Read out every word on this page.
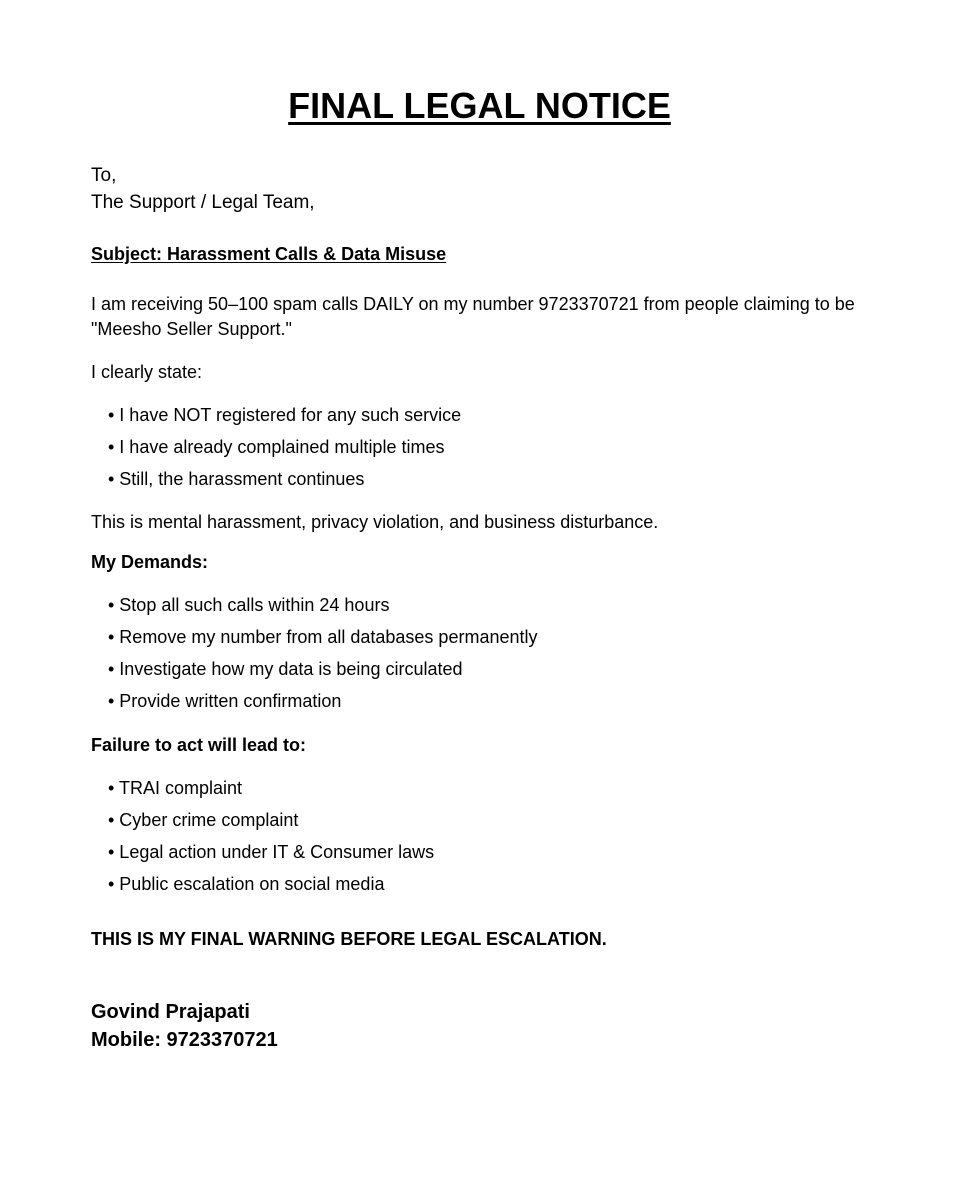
FINAL LEGAL NOTICE
To,
The Support / Legal Team,
Subject: Harassment Calls & Data Misuse
I am receiving 50–100 spam calls DAILY on my number 9723370721 from people claiming to be "Meesho Seller Support."
I clearly state:
• I have NOT registered for any such service
• I have already complained multiple times
• Still, the harassment continues
This is mental harassment, privacy violation, and business disturbance.
My Demands:
• Stop all such calls within 24 hours
• Remove my number from all databases permanently
• Investigate how my data is being circulated
• Provide written confirmation
Failure to act will lead to:
• TRAI complaint
• Cyber crime complaint
• Legal action under IT & Consumer laws
• Public escalation on social media
THIS IS MY FINAL WARNING BEFORE LEGAL ESCALATION.
Govind Prajapati
Mobile: 9723370721
